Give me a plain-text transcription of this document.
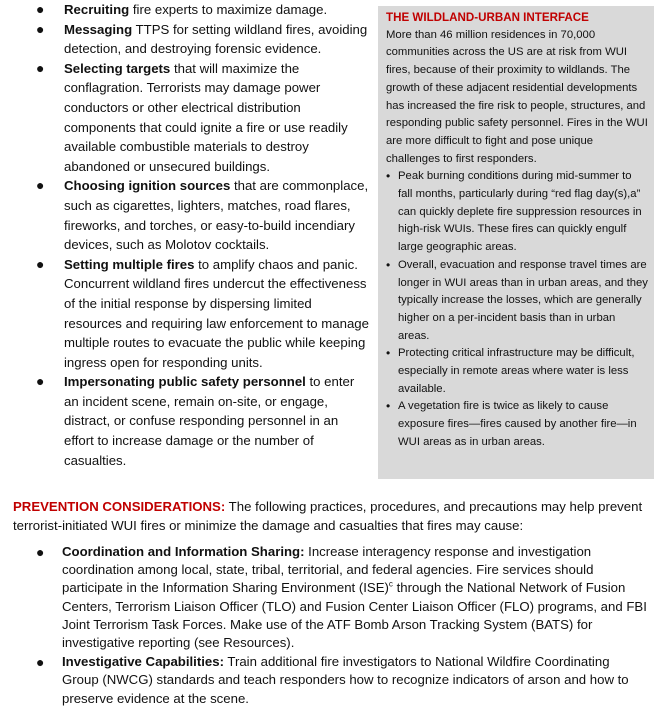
● Recruiting fire experts to maximize damage.
● Messaging TTPS for setting wildland fires, avoiding detection, and destroying forensic evidence.
● Selecting targets that will maximize the conflagration. Terrorists may damage power conductors or other electrical distribution components that could ignite a fire or use readily available combustible materials to destroy abandoned or unsecured buildings.
● Choosing ignition sources that are commonplace, such as cigarettes, lighters, matches, road flares, fireworks, and torches, or easy-to-build incendiary devices, such as Molotov cocktails.
● Setting multiple fires to amplify chaos and panic. Concurrent wildland fires undercut the effectiveness of the initial response by dispersing limited resources and requiring law enforcement to manage multiple routes to evacuate the public while keeping ingress open for responding units.
● Impersonating public safety personnel to enter an incident scene, remain on-site, or engage, distract, or confuse responding personnel in an effort to increase damage or the number of casualties.
THE WILDLAND-URBAN INTERFACE
More than 46 million residences in 70,000 communities across the US are at risk from WUI fires, because of their proximity to wildlands. The growth of these adjacent residential developments has increased the fire risk to people, structures, and responding public safety personnel. Fires in the WUI are more difficult to fight and pose unique challenges to first responders.
• Peak burning conditions during mid-summer to fall months, particularly during “red flag day(s),a” can quickly deplete fire suppression resources in high-risk WUIs. These fires can quickly engulf large geographic areas.
• Overall, evacuation and response travel times are longer in WUI areas than in urban areas, and they typically increase the losses, which are generally higher on a per-incident basis than in urban areas.
• Protecting critical infrastructure may be difficult, especially in remote areas where water is less available.
• A vegetation fire is twice as likely to cause exposure fires—fires caused by another fire—in WUI areas as in urban areas.
PREVENTION CONSIDERATIONS: The following practices, procedures, and precautions may help prevent terrorist-initiated WUI fires or minimize the damage and casualties that fires may cause:
● Coordination and Information Sharing: Increase interagency response and investigation coordination among local, state, tribal, territorial, and federal agencies. Fire services should participate in the Information Sharing Environment (ISE)$^c$ through the National Network of Fusion Centers, Terrorism Liaison Officer (TLO) and Fusion Center Liaison Officer (FLO) programs, and FBI Joint Terrorism Task Forces. Make use of the ATF Bomb Arson Tracking System (BATS) for investigative reporting (see Resources).
● Investigative Capabilities: Train additional fire investigators to National Wildfire Coordinating Group (NWCG) standards and teach responders how to recognize indicators of arson and how to preserve evidence at the scene.
